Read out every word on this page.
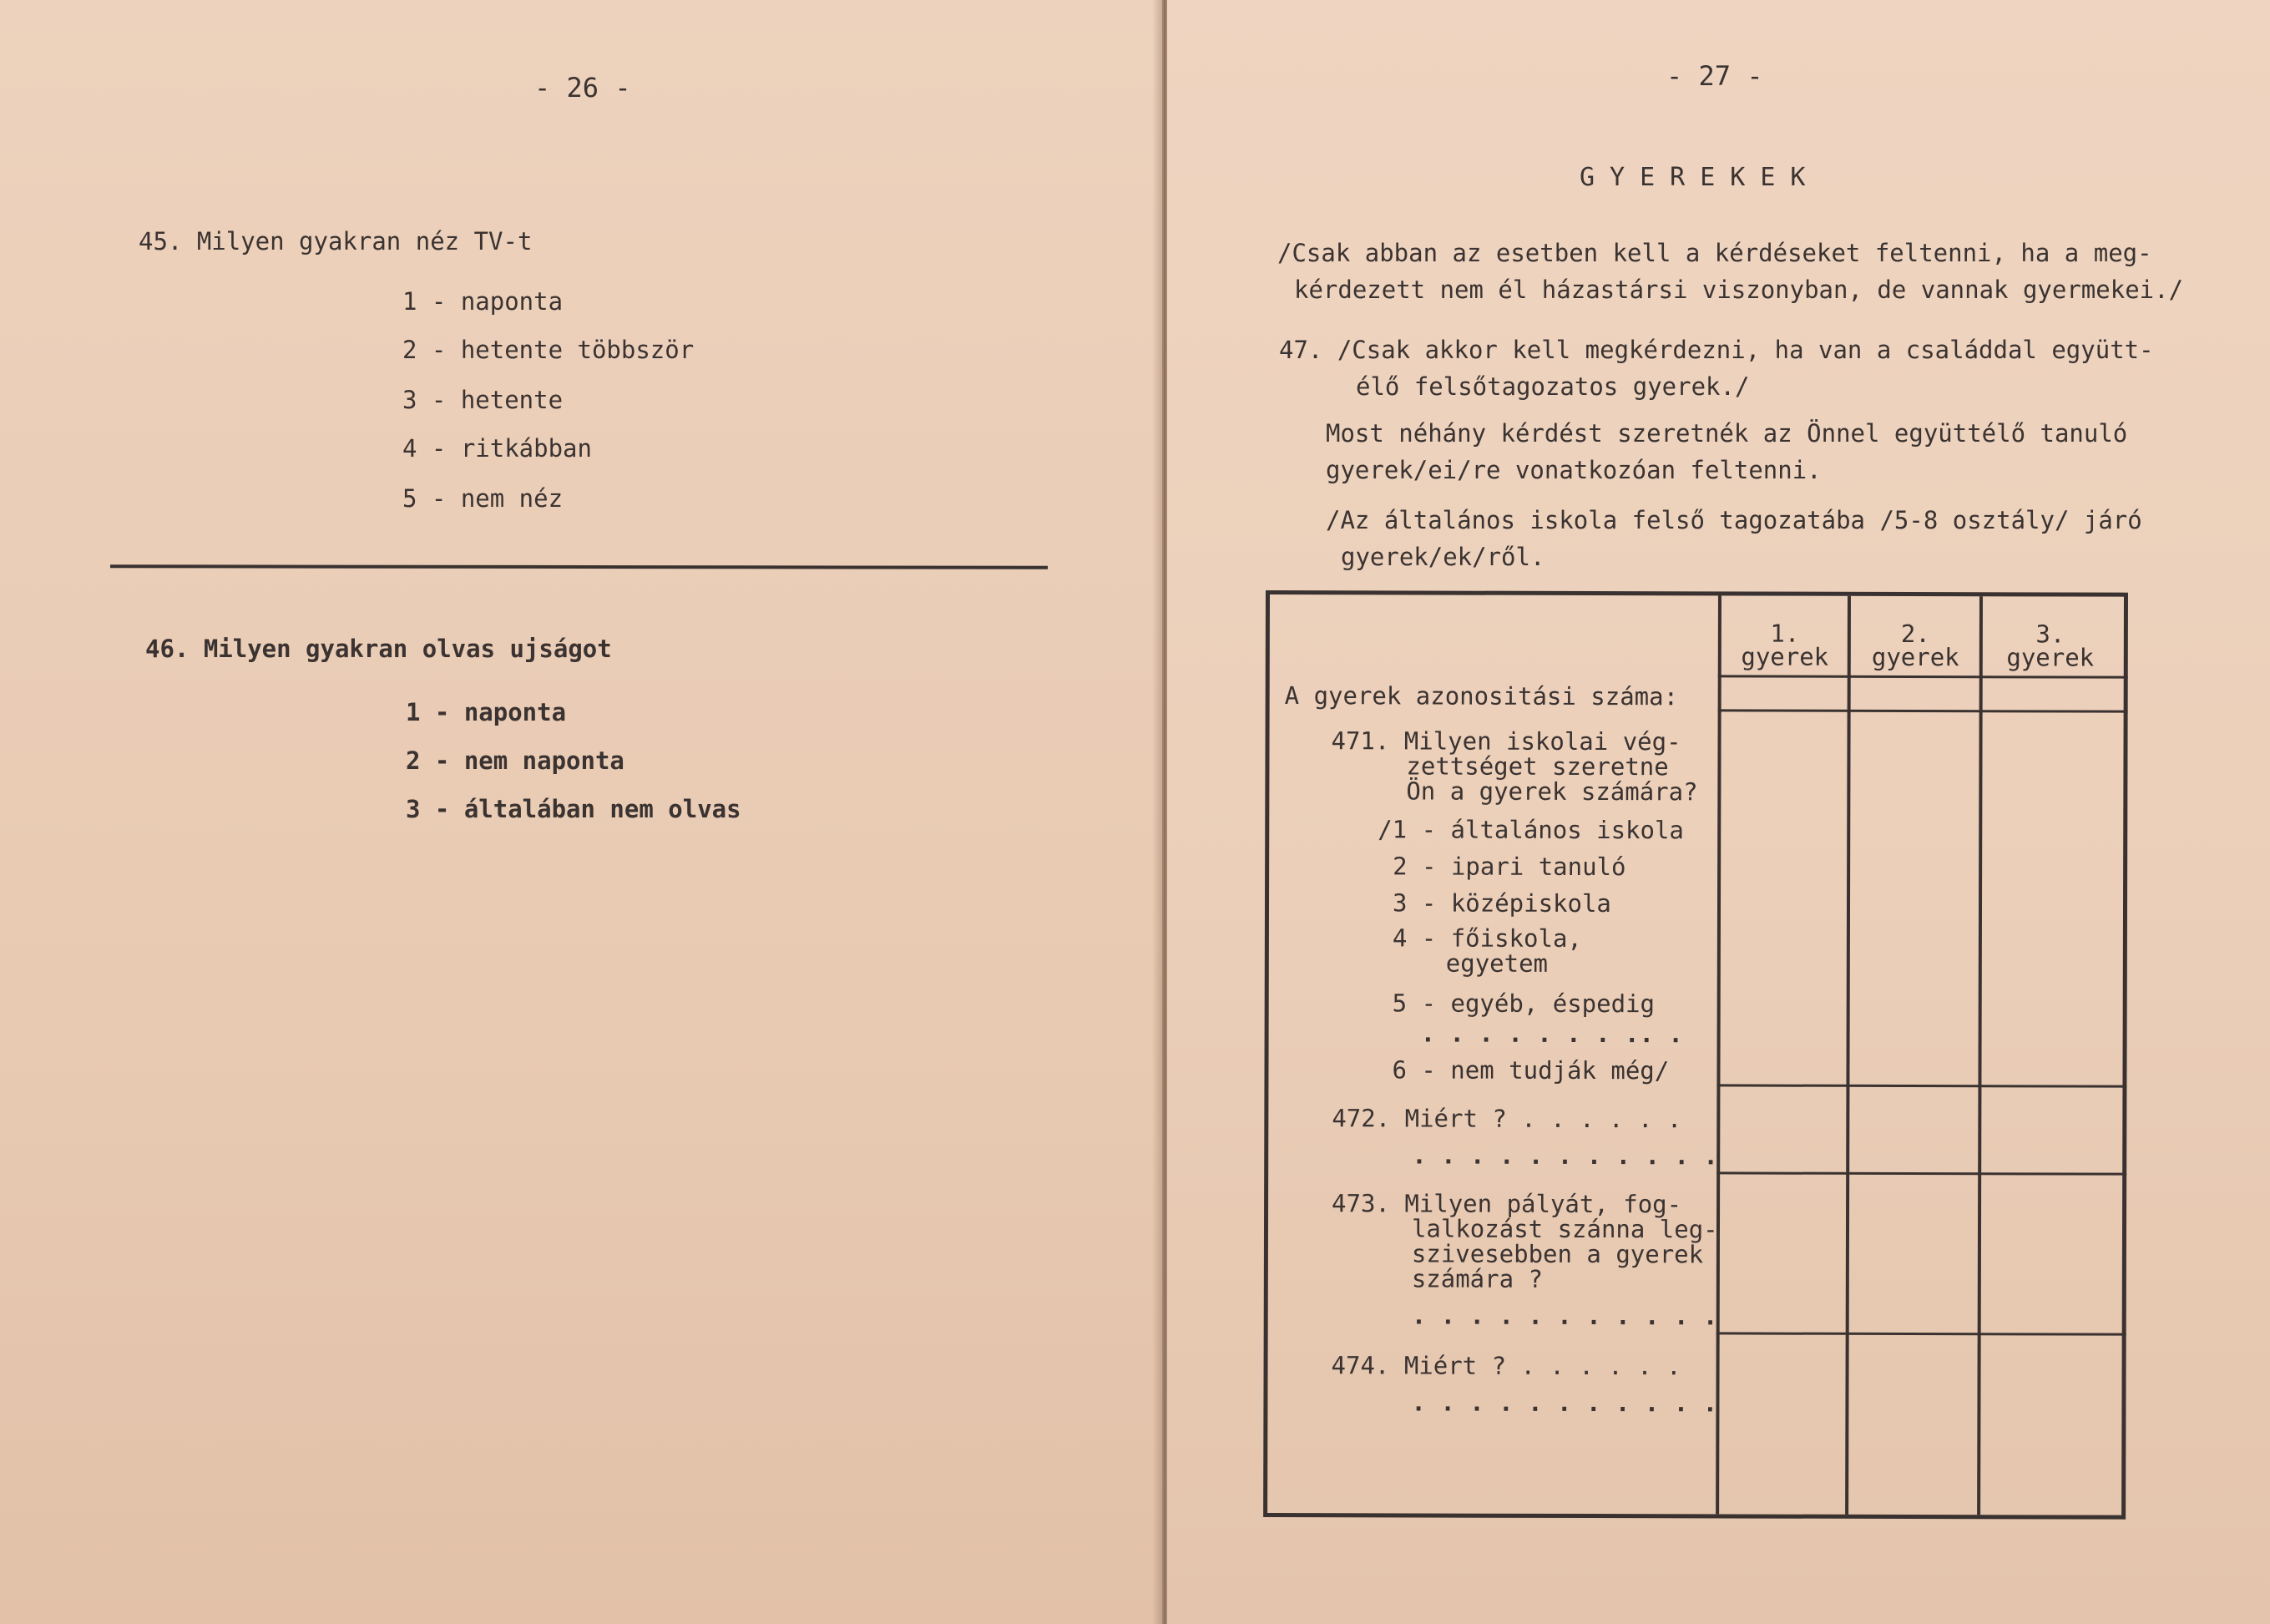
- 26 -
45. Milyen gyakran néz TV-t
1 - naponta
2 - hetente többször
3 - hetente
4 - ritkábban
5 - nem néz
46. Milyen gyakran olvas ujságot
1 - naponta
2 - nem naponta
3 - általában nem olvas
- 27 -
GYEREKEK
/Csak abban az esetben kell a kérdéseket feltenni, ha a meg-
kérdezett nem él házastársi viszonyban, de vannak gyermekei./
47. /Csak akkor kell megkérdezni, ha van a családdal együtt-
élő felsőtagozatos gyerek./
Most néhány kérdést szeretnék az Önnel együttélő tanuló
gyerek/ei/re vonatkozóan feltenni.
/Az általános iskola felső tagozatába /5-8 osztály/ járó
gyerek/ek/ről.
1.
gyerek
2.
gyerek
3.
gyerek
A gyerek azonositási száma:
471. Milyen iskolai vég-
zettséget szeretne
Ön a gyerek számára?
/1 - általános iskola
2 - ipari tanuló
3 - középiskola
4 - főiskola,
egyetem
5 - egyéb, éspedig
. . . . . . . .. .
6 - nem tudják még/
472. Miért ? . . . . . .
. . . . . . . . . . .
473. Milyen pályát, fog-
lalkozást szánna leg-
szivesebben a gyerek
számára ?
. . . . . . . . . . .
474. Miért ? . . . . . .
. . . . . . . . . . .
